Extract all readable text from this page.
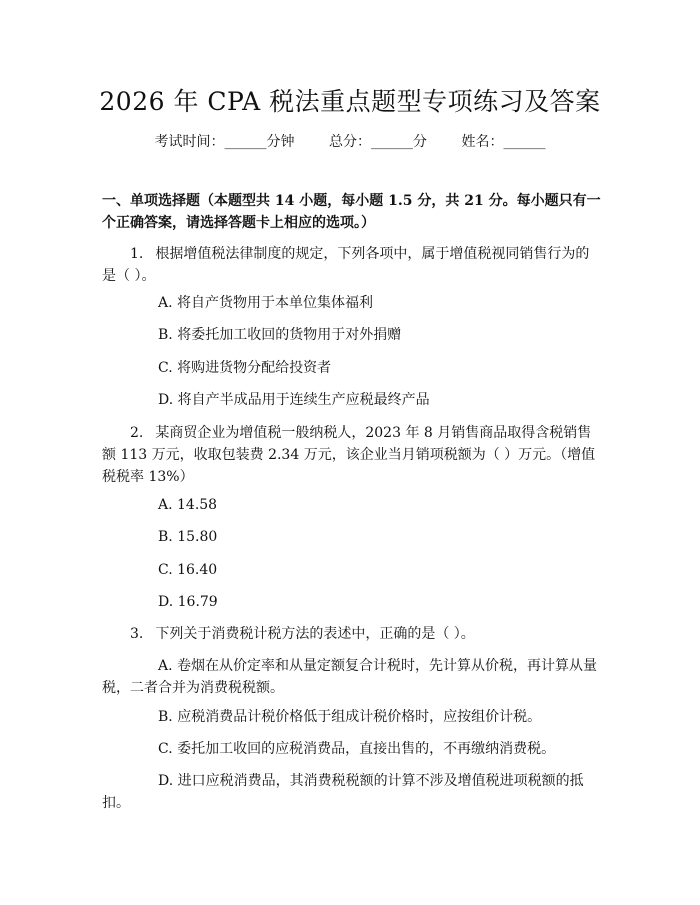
2026 年 CPA 税法重点题型专项练习及答案
考试时间：______分钟 总分：______分 姓名：______
一、单项选择题（本题型共 14 小题，每小题 1.5 分，共 21 分。每小题只有一个正确答案，请选择答题卡上相应的选项。）
1. 根据增值税法律制度的规定，下列各项中，属于增值税视同销售行为的是（ ）。
A. 将自产货物用于本单位集体福利
B. 将委托加工收回的货物用于对外捐赠
C. 将购进货物分配给投资者
D. 将自产半成品用于连续生产应税最终产品
2. 某商贸企业为增值税一般纳税人，2023 年 8 月销售商品取得含税销售额 113 万元，收取包装费 2.34 万元，该企业当月销项税额为（ ）万元。（增值税税率 13%）
A. 14.58
B. 15.80
C. 16.40
D. 16.79
3. 下列关于消费税计税方法的表述中，正确的是（ ）。
A. 卷烟在从价定率和从量定额复合计税时，先计算从价税，再计算从量税，二者合并为消费税税额。
B. 应税消费品计税价格低于组成计税价格时，应按组价计税。
C. 委托加工收回的应税消费品，直接出售的，不再缴纳消费税。
D. 进口应税消费品，其消费税税额的计算不涉及增值税进项税额的抵扣。
